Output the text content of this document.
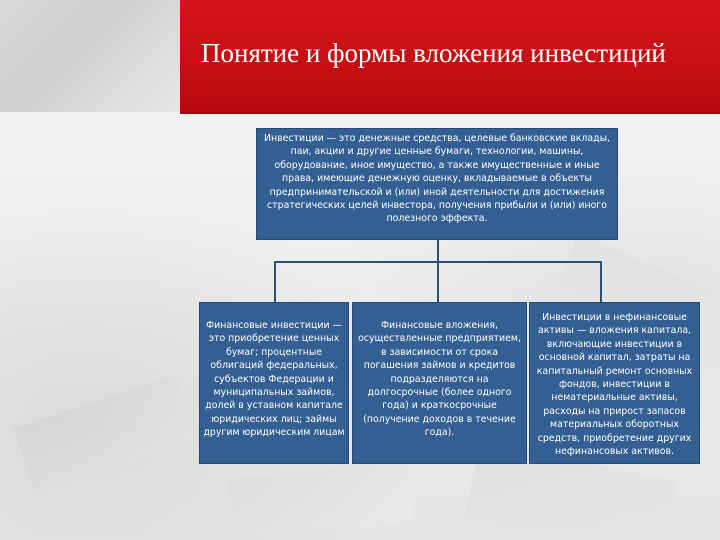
Понятие и формы вложения инвестиций
Инвестиции — это денежные средства, целевые банковские вклады,
паи, акции и другие ценные бумаги, технологии, машины,
оборудование, иное имущество, а также имущественные и иные
права, имеющие денежную оценку, вкладываемые в объекты
предпринимательской и (или) иной деятельности для достижения
стратегических целей инвестора, получения прибыли и (или) иного
полезного эффекта.
Финансовые инвестиции —
это приобретение ценных
бумаг; процентные
облигаций федеральных,
субъектов Федерации и
муниципальных займов,
долей в уставном капитале
юридических лиц; займы
другим юридическим лицам
Финансовые вложения,
осуществленные предприятием,
в зависимости от срока
погашения займов и кредитов
подразделяются на
долгосрочные (более одного
года) и краткосрочные
(получение доходов в течение
года).
Инвестиции в нефинансовые
активы — вложения капитала,
включающие инвестиции в
основной капитал, затраты на
капитальный ремонт основных
фондов, инвестиции в
нематериальные активы,
расходы на прирост запасов
материальных оборотных
средств, приобретение других
нефинансовых активов.
